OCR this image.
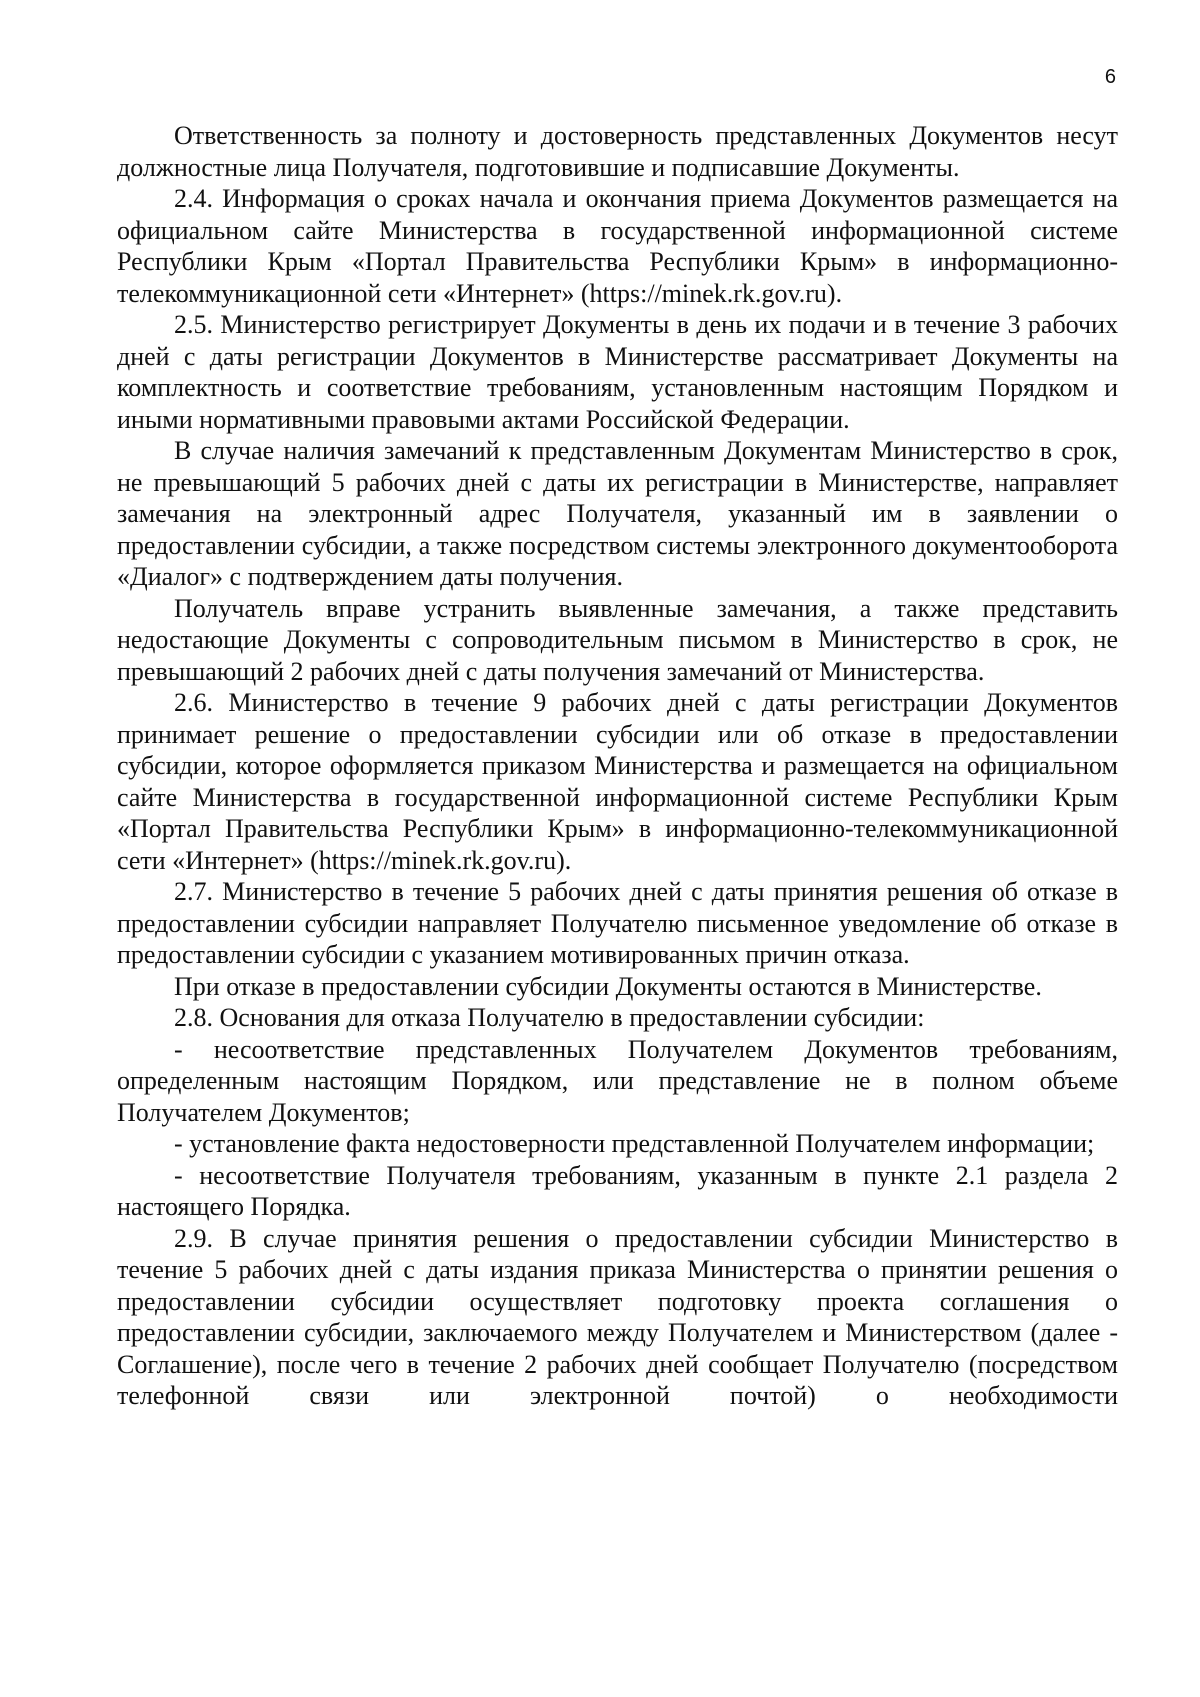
6

Ответственность за полноту и достоверность представленных Документов несут должностные лица Получателя, подготовившие и подписавшие Документы.

2.4. Информация о сроках начала и окончания приема Документов размещается на официальном сайте Министерства в государственной информационной системе Республики Крым «Портал Правительства Республики Крым» в информационно-телекоммуникационной сети «Интернет» (https://minek.rk.gov.ru).

2.5. Министерство регистрирует Документы в день их подачи и в течение 3 рабочих дней с даты регистрации Документов в Министерстве рассматривает Документы на комплектность и соответствие требованиям, установленным настоящим Порядком и иными нормативными правовыми актами Российской Федерации.

В случае наличия замечаний к представленным Документам Министерство в срок, не превышающий 5 рабочих дней с даты их регистрации в Министерстве, направляет замечания на электронный адрес Получателя, указанный им в заявлении о предоставлении субсидии, а также посредством системы электронного документооборота «Диалог» с подтверждением даты получения.

Получатель вправе устранить выявленные замечания, а также представить недостающие Документы с сопроводительным письмом в Министерство в срок, не превышающий 2 рабочих дней с даты получения замечаний от Министерства.

2.6. Министерство в течение 9 рабочих дней с даты регистрации Документов принимает решение о предоставлении субсидии или об отказе в предоставлении субсидии, которое оформляется приказом Министерства и размещается на официальном сайте Министерства в государственной информационной системе Республики Крым «Портал Правительства Республики Крым» в информационно-телекоммуникационной сети «Интернет» (https://minek.rk.gov.ru).

2.7. Министерство в течение 5 рабочих дней с даты принятия решения об отказе в предоставлении субсидии направляет Получателю письменное уведомление об отказе в предоставлении субсидии с указанием мотивированных причин отказа.

При отказе в предоставлении субсидии Документы остаются в Министерстве.

2.8. Основания для отказа Получателю в предоставлении субсидии:

- несоответствие представленных Получателем Документов требованиям, определенным настоящим Порядком, или представление не в полном объеме Получателем Документов;

- установление факта недостоверности представленной Получателем информации;

- несоответствие Получателя требованиям, указанным в пункте 2.1 раздела 2 настоящего Порядка.

2.9. В случае принятия решения о предоставлении субсидии Министерство в течение 5 рабочих дней с даты издания приказа Министерства о принятии решения о предоставлении субсидии осуществляет подготовку проекта соглашения о предоставлении субсидии, заключаемого между Получателем и Министерством (далее - Соглашение), после чего в течение 2 рабочих дней сообщает Получателю (посредством телефонной связи или электронной почтой) о необходимости
